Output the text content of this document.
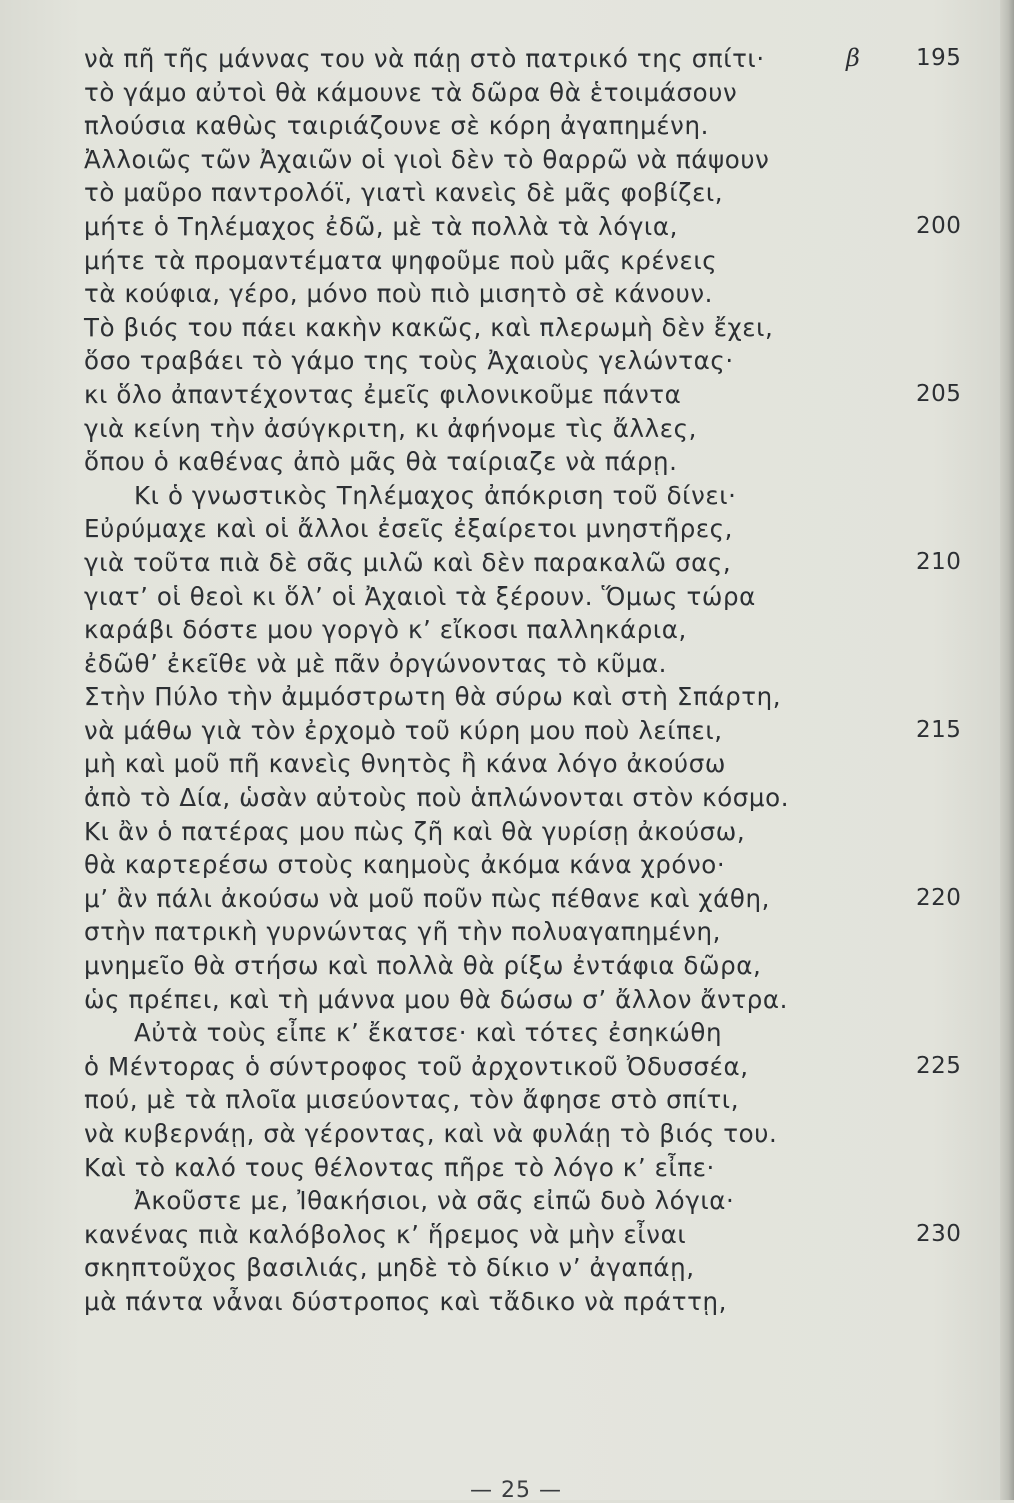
νὰ πῆ τῆς μάννας του νὰ πάῃ στὸ πατρικό της σπίτι·	β 195
τὸ γάμο αὐτοὶ θὰ κάμουνε τὰ δῶρα θὰ ἑτοιμάσουν
πλούσια καθὼς ταιριάζουνε σὲ κόρη ἀγαπημένη.
Ἀλλοιῶς τῶν Ἀχαιῶν οἱ γιοὶ δὲν τὸ θαρρῶ νὰ πάψουν
τὸ μαῦρο παντρολόϊ, γιατὶ κανεὶς δὲ μᾶς φοβίζει,
μήτε ὁ Τηλέμαχος ἐδῶ, μὲ τὰ πολλὰ τὰ λόγια,	200
μήτε τὰ προμαντέματα ψηφοῦμε ποὺ μᾶς κρένεις
τὰ κούφια, γέρο, μόνο ποὺ πιὸ μισητὸ σὲ κάνουν.
Τὸ βιός του πάει κακὴν κακῶς, καὶ πλερωμὴ δὲν ἔχει,
ὅσο τραβάει τὸ γάμο της τοὺς Ἀχαιοὺς γελώντας·
κι ὅλο ἀπαντέχοντας ἐμεῖς φιλονικοῦμε πάντα	205
γιὰ κείνη τὴν ἀσύγκριτη, κι ἀφήνομε τὶς ἄλλες,
ὅπου ὁ καθένας ἀπὸ μᾶς θὰ ταίριαζε νὰ πάρῃ.
Κι ὁ γνωστικὸς Τηλέμαχος ἀπόκριση τοῦ δίνει·
Εὐρύμαχε καὶ οἱ ἄλλοι ἐσεῖς ἐξαίρετοι μνηστῆρες,
γιὰ τοῦτα πιὰ δὲ σᾶς μιλῶ καὶ δὲν παρακαλῶ σας,	210
γιατ’ οἱ θεοὶ κι ὅλ’ οἱ Ἀχαιοὶ τὰ ξέρουν. Ὅμως τώρα
καράβι δόστε μου γοργὸ κ’ εἴκοσι παλληκάρια,
ἐδῶθ’ ἐκεῖθε νὰ μὲ πᾶν ὀργώνοντας τὸ κῦμα.
Στὴν Πύλο τὴν ἀμμόστρωτη θὰ σύρω καὶ στὴ Σπάρτη,
νὰ μάθω γιὰ τὸν ἐρχομὸ τοῦ κύρη μου ποὺ λείπει,	215
μὴ καὶ μοῦ πῆ κανεὶς θνητὸς ἢ κάνα λόγο ἀκούσω
ἀπὸ τὸ Δία, ὡσὰν αὐτοὺς ποὺ ἁπλώνονται στὸν κόσμο.
Κι ἂν ὁ πατέρας μου πὼς ζῆ καὶ θὰ γυρίσῃ ἀκούσω,
θὰ καρτερέσω στοὺς καημοὺς ἀκόμα κάνα χρόνο·
μ’ ἂν πάλι ἀκούσω νὰ μοῦ ποῦν πὼς πέθανε καὶ χάθη,	220
στὴν πατρικὴ γυρνώντας γῆ τὴν πολυαγαπημένη,
μνημεῖο θὰ στήσω καὶ πολλὰ θὰ ρίξω ἐντάφια δῶρα,
ὡς πρέπει, καὶ τὴ μάννα μου θὰ δώσω σ’ ἄλλον ἄντρα.
Αὐτὰ τοὺς εἶπε κ’ ἔκατσε· καὶ τότες ἐσηκώθη
ὁ Μέντορας ὁ σύντροφος τοῦ ἀρχοντικοῦ Ὀδυσσέα,	225
πού, μὲ τὰ πλοῖα μισεύοντας, τὸν ἄφησε στὸ σπίτι,
νὰ κυβερνάῃ, σὰ γέροντας, καὶ νὰ φυλάῃ τὸ βιός του.
Καὶ τὸ καλό τους θέλοντας πῆρε τὸ λόγο κ’ εἶπε·
Ἀκοῦστε με, Ἰθακήσιοι, νὰ σᾶς εἰπῶ δυὸ λόγια·
κανένας πιὰ καλόβολος κ’ ἥρεμος νὰ μὴν εἶναι	230
σκηπτοῦχος βασιλιάς, μηδὲ τὸ δίκιο ν’ ἀγαπάῃ,
μὰ πάντα νἆναι δύστροπος καὶ τἄδικο νὰ πράττῃ,
— 25 —
